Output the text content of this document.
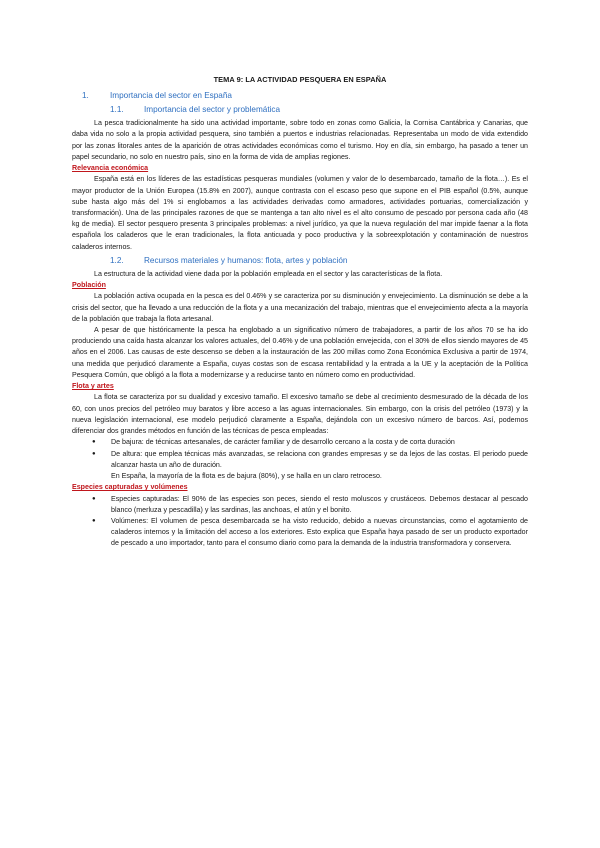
TEMA 9: LA ACTIVIDAD PESQUERA EN ESPAÑA
1.	Importancia del sector en España
1.1.	Importancia del sector y problemática

La pesca tradicionalmente ha sido una actividad importante, sobre todo en zonas como Galicia, la Cornisa Cantábrica y Canarias, que daba vida no solo a la propia actividad pesquera, sino también a puertos e industrias relacionadas. Representaba un modo de vida extendido por las zonas litorales antes de la aparición de otras actividades económicas como el turismo. Hoy en día, sin embargo, ha pasado a tener un papel secundario, no solo en nuestro país, sino en la forma de vida de amplias regiones.

Relevancia económica

España está en los líderes de las estadísticas pesqueras mundiales (volumen y valor de lo desembarcado, tamaño de la flota…). Es el mayor productor de la Unión Europea (15.8% en 2007), aunque contrasta con el escaso peso que supone en el PIB español (0.5%, aunque sube hasta algo más del 1% si englobamos a las actividades derivadas como armadores, actividades portuarias, comercialización y transformación). Una de las principales razones de que se mantenga a tan alto nivel es el alto consumo de pescado por persona cada año (48 kg de media). El sector pesquero presenta 3 principales problemas: a nivel jurídico, ya que la nueva regulación del mar impide faenar a la flota española los caladeros que le eran tradicionales, la flota anticuada y poco productiva y la sobreexplotación y contaminación de nuestros caladeros internos.

1.2.	Recursos materiales y humanos: flota, artes y población

La estructura de la actividad viene dada por la población empleada en el sector y las características de la flota.

Población

La población activa ocupada en la pesca es del 0.46% y se caracteriza por su disminución y envejecimiento. La disminución se debe a la crisis del sector, que ha llevado a una reducción de la flota y a una mecanización del trabajo, mientras que el envejecimiento afecta a la mayoría de la población que trabaja la flota artesanal.

A pesar de que históricamente la pesca ha englobado a un significativo número de trabajadores, a partir de los años 70 se ha ido produciendo una caída hasta alcanzar los valores actuales, del 0.46% y de una población envejecida, con el 30% de ellos siendo mayores de 45 años en el 2006. Las causas de este descenso se deben a la instauración de las 200 millas como Zona Económica Exclusiva a partir de 1974, una medida que perjudicó claramente a España, cuyas costas son de escasa rentabilidad y la entrada a la UE y la aceptación de la Política Pesquera Común, que obligó a la flota a modernizarse y a reducirse tanto en número como en productividad.

Flota y artes

La flota se caracteriza por su dualidad y excesivo tamaño. El excesivo tamaño se debe al crecimiento desmesurado de la década de los 60, con unos precios del petróleo muy baratos y libre acceso a las aguas internacionales. Sin embargo, con la crisis del petróleo (1973) y la nueva legislación internacional, ese modelo perjudicó claramente a España, dejándola con un excesivo número de barcos. Así, podemos diferenciar dos grandes métodos en función de las técnicas de pesca empleadas:

● De bajura: de técnicas artesanales, de carácter familiar y de desarrollo cercano a la costa y de corta duración
● De altura: que emplea técnicas más avanzadas, se relaciona con grandes empresas y se da lejos de las costas. El periodo puede alcanzar hasta un año de duración.

En España, la mayoría de la flota es de bajura (80%), y se halla en un claro retroceso.

Especies capturadas y volúmenes
● Especies capturadas: El 90% de las especies son peces, siendo el resto moluscos y crustáceos. Debemos destacar al pescado blanco (merluza y pescadilla) y las sardinas, las anchoas, el atún y el bonito.
● Volúmenes: El volumen de pesca desembarcada se ha visto reducido, debido a nuevas circunstancias, como el agotamiento de caladeros internos y la limitación del acceso a los exteriores. Esto explica que España haya pasado de ser un producto exportador de pescado a uno importador, tanto para el consumo diario como para la demanda de la industria transformadora y conservera.
